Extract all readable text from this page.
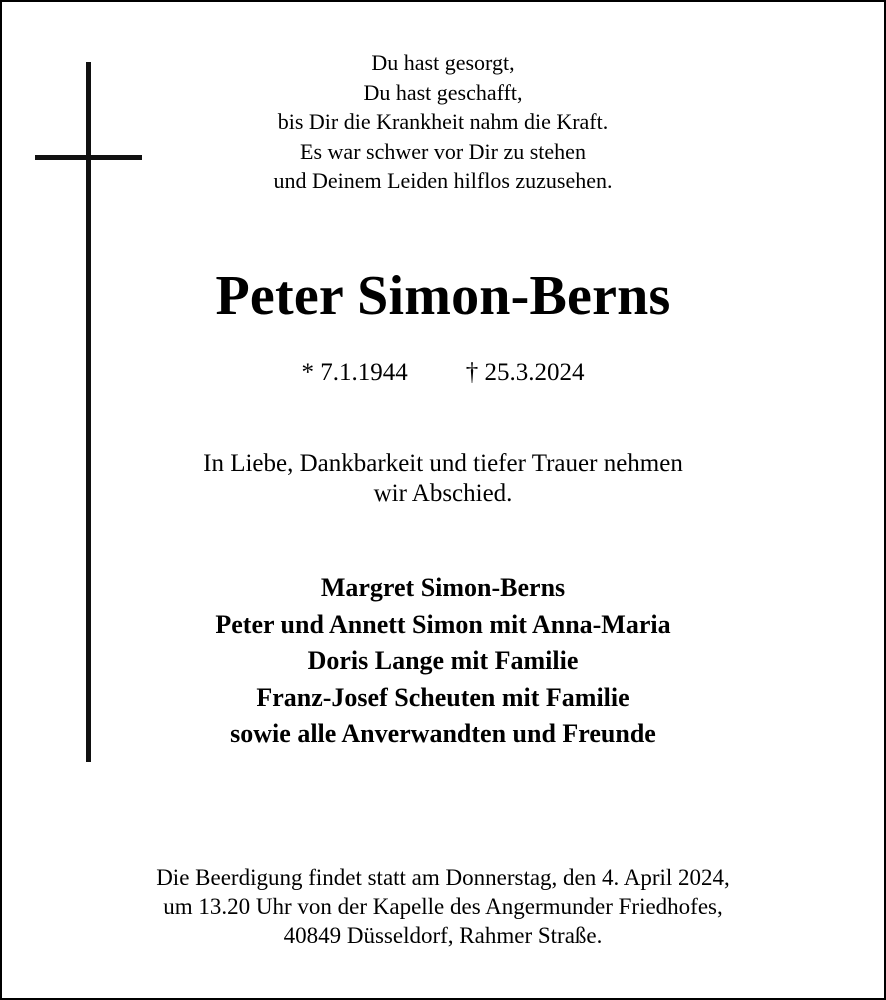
Du hast gesorgt,
Du hast geschafft,
bis Dir die Krankheit nahm die Kraft.
Es war schwer vor Dir zu stehen
und Deinem Leiden hilflos zuzusehen.
Peter Simon-Berns
* 7.1.1944 † 25.3.2024
In Liebe, Dankbarkeit und tiefer Trauer nehmen
wir Abschied.
Margret Simon-Berns
Peter und Annett Simon mit Anna-Maria
Doris Lange mit Familie
Franz-Josef Scheuten mit Familie
sowie alle Anverwandten und Freunde
Die Beerdigung findet statt am Donnerstag, den 4. April 2024,
um 13.20 Uhr von der Kapelle des Angermunder Friedhofes,
40849 Düsseldorf, Rahmer Straße.
